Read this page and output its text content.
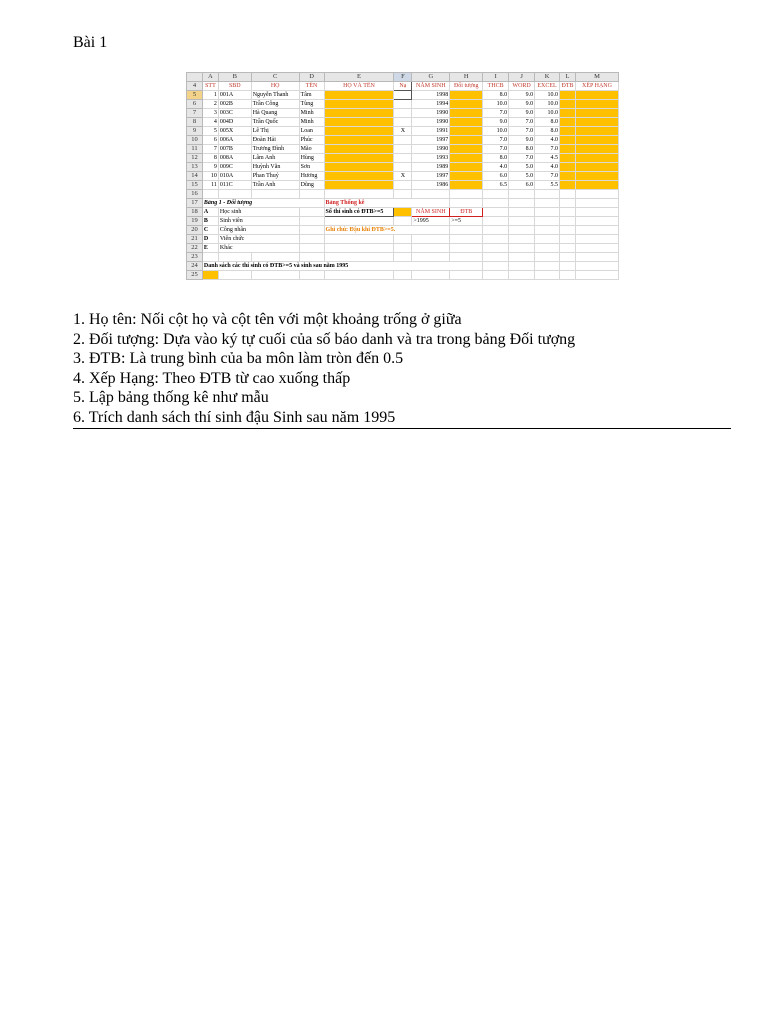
Bài 1
	A	B	C	D	E	F	G	H	I	J	K	L	M
4	STT	SBD	HỌ	TÊN	HỌ VÀ TÊN	Nạ	NĂM SINH	Đối tượng	THCB	WORD	EXCEL	ĐTB	XẾP HẠNG
5	1	001A	Nguyễn Thanh	Tâm			1998		8.0	9.0	10.0		
6	2	002B	Trần Công	Tùng			1994		10.0	9.0	10.0		
7	3	003C	Hà Quang	Minh			1990		7.0	9.0	10.0		
8	4	004D	Trần Quốc	Minh			1990		9.0	7.0	8.0		
9	5	005X	Lê Thị	Loan		X	1991		10.0	7.0	8.0		
10	6	006A	Đoàn Hải	Phúc			1997		7.0	9.0	4.0		
11	7	007B	Trương Đình	Mão			1990		7.0	8.0	7.0		
12	8	008A	Lâm Anh	Hùng			1993		8.0	7.0	4.5		
13	9	009C	Huỳnh Văn	Sơn			1989		4.0	5.0	4.0		
14	10	010A	Phan Thuý	Hương		X	1997		6.0	5.0	7.0		
15	11	011C	Trần Anh	Dũng			1986		6.5	6.0	5.5		
16													
17	Bảng 1 - Đối tượng				Bảng Thống kê								
18	A	Học sinh			Số thí sinh có ĐTB>=5		NĂM SINH	ĐTB					
19	B	Sinh viên					>1995	>=5					
20	C	Công nhân			Ghi chú: Đậu khi ĐTB>=5.								
21	D	Viên chức											
22	E	Khác											
23													
24	Danh sách các thí sinh có ĐTB>=5 và sinh sau năm 1995												
25													
1. Họ tên: Nối cột họ và cột tên với một khoảng trống ở giữa
2. Đối tượng: Dựa vào ký tự cuối của số báo danh và tra trong bảng Đối tượng
3. ĐTB: Là trung bình của ba môn làm tròn đến 0.5
4. Xếp Hạng: Theo ĐTB từ cao xuống thấp
5. Lập bảng thống kê như mẫu
6. Trích danh sách thí sinh đậu Sinh sau năm 1995
